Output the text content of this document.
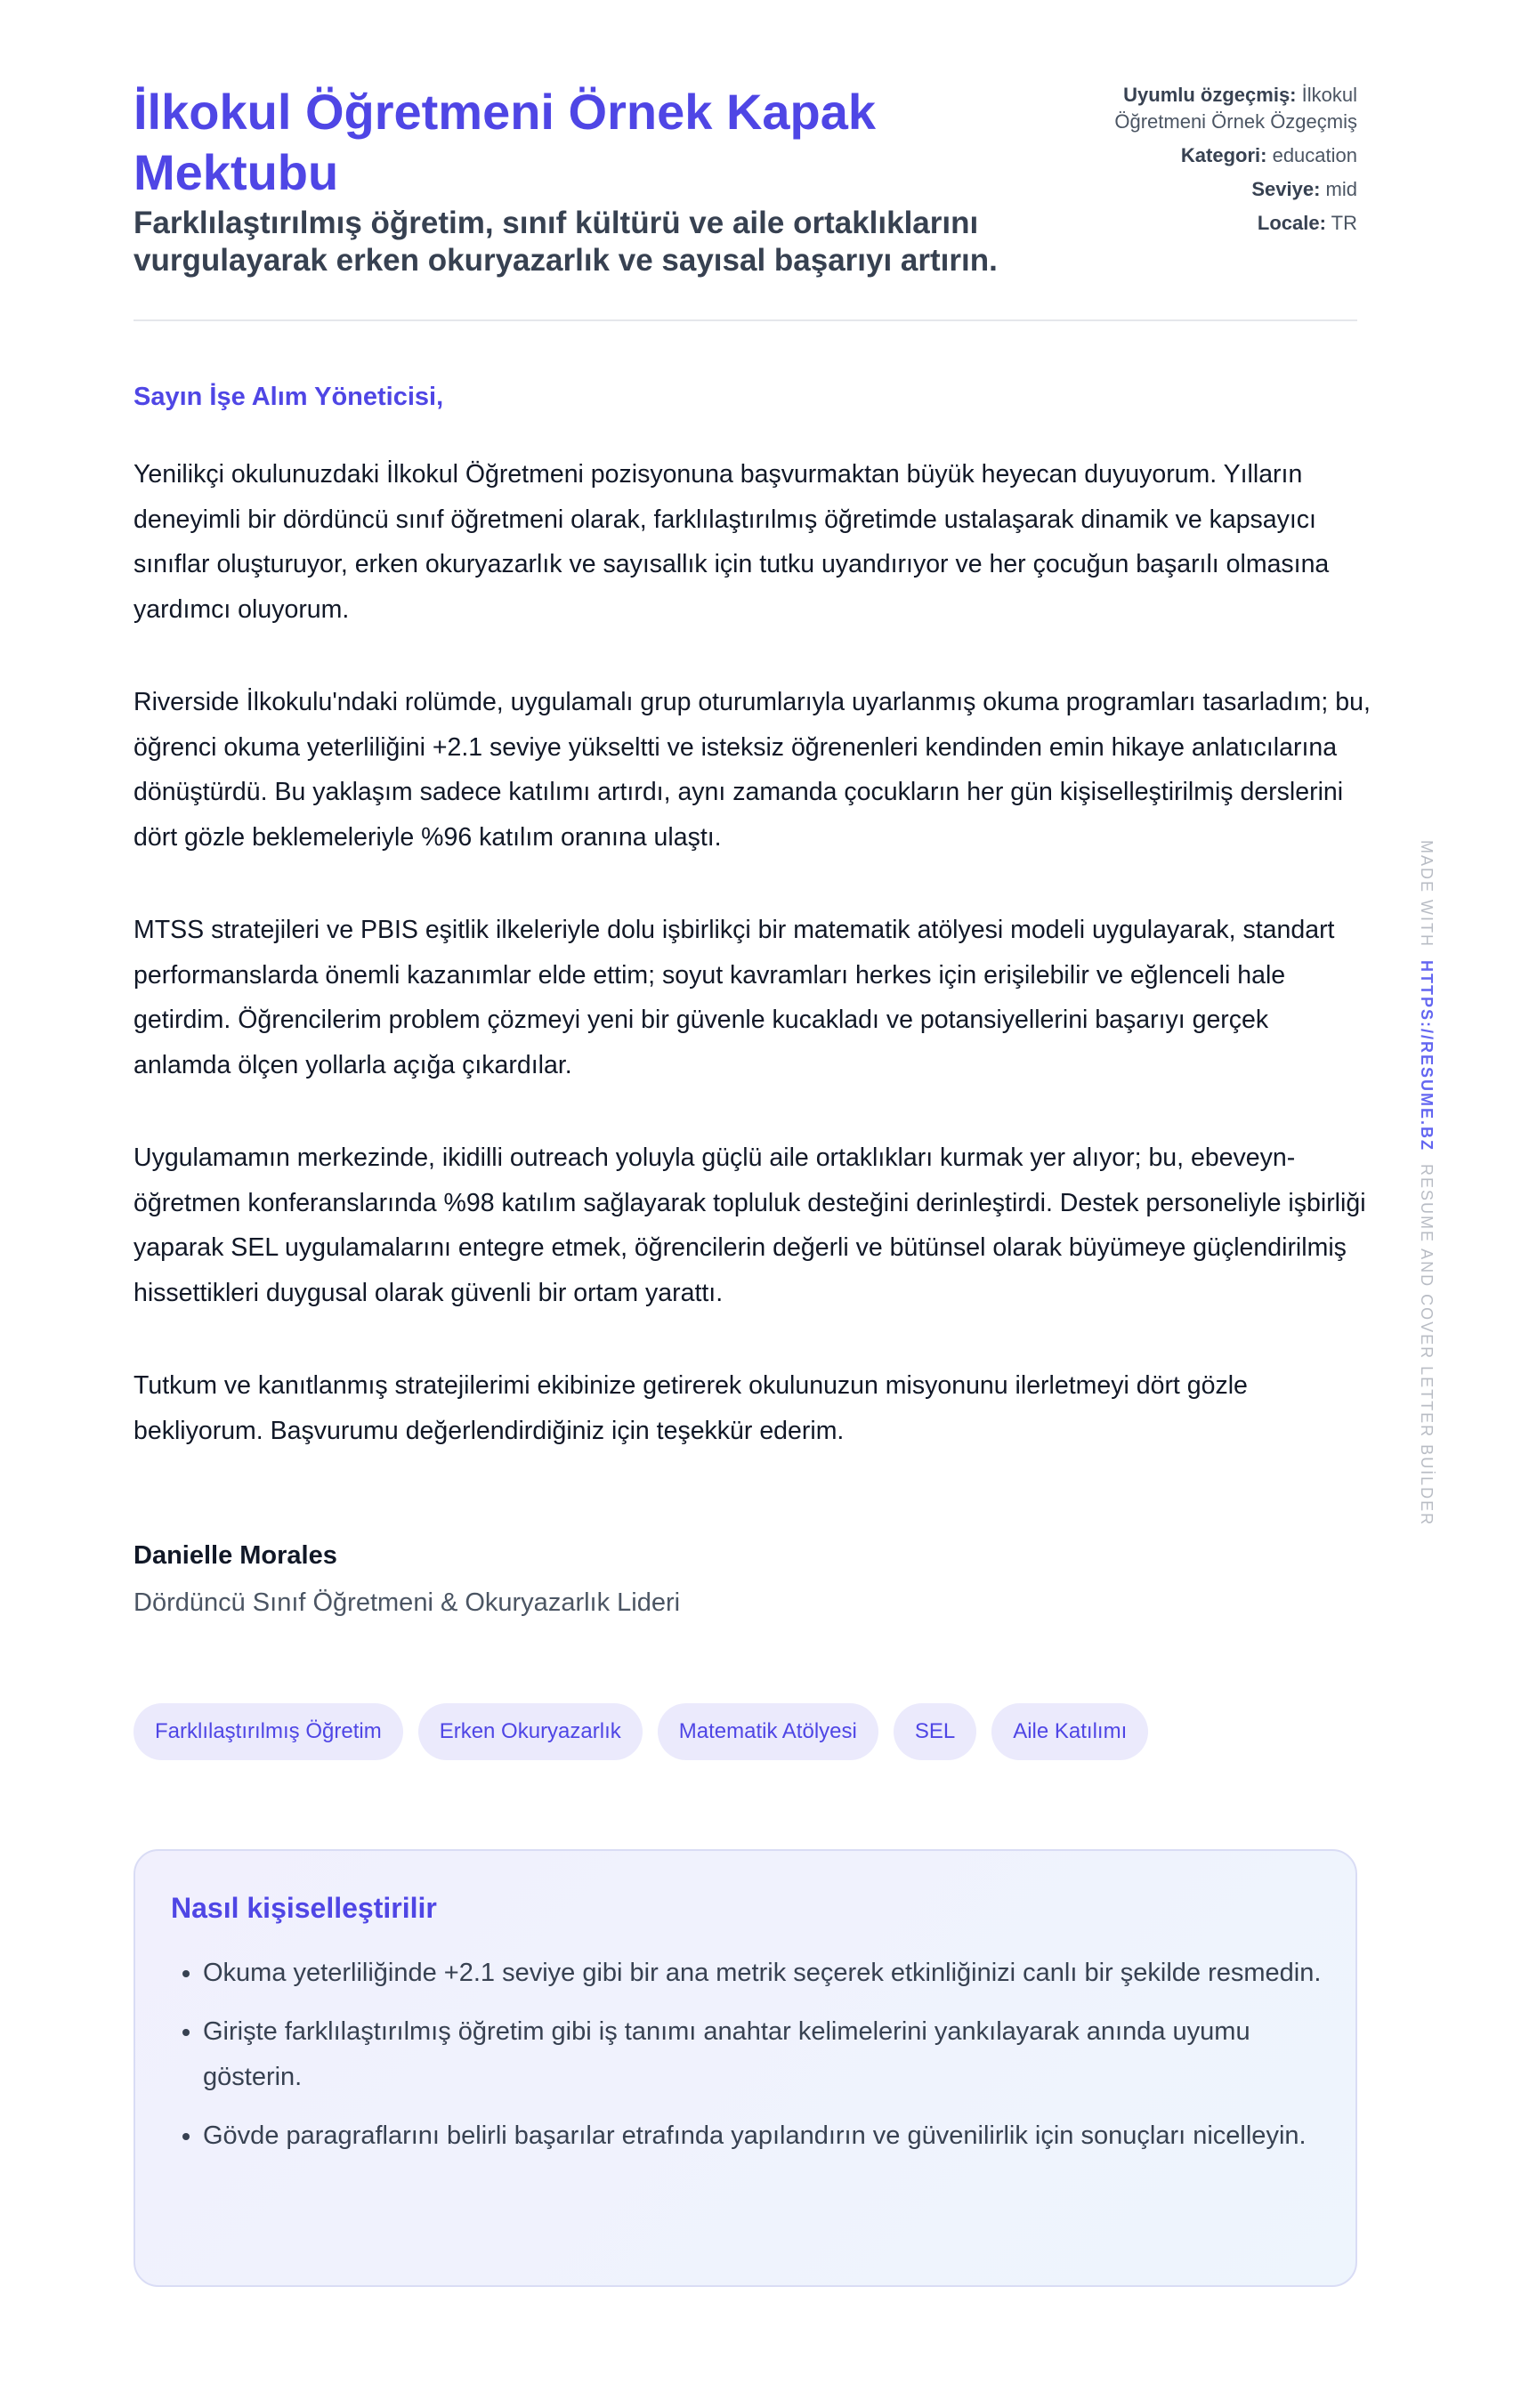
İlkokul Öğretmeni Örnek Kapak Mektubu
Farklılaştırılmış öğretim, sınıf kültürü ve aile ortaklıklarını vurgulayarak erken okuryazarlık ve sayısal başarıyı artırın.
Uyumlu özgeçmiş: İlkokul Öğretmeni Örnek Özgeçmiş
Kategori: education
Seviye: mid
Locale: TR
Sayın İşe Alım Yöneticisi,

Yenilikçi okulunuzdaki İlkokul Öğretmeni pozisyonuna başvurmaktan büyük heyecan duyuyorum. Yılların deneyimli bir dördüncü sınıf öğretmeni olarak, farklılaştırılmış öğretimde ustalaşarak dinamik ve kapsayıcı sınıflar oluşturuyor, erken okuryazarlık ve sayısallık için tutku uyandırıyor ve her çocuğun başarılı olmasına yardımcı oluyorum.

Riverside İlkokulu'ndaki rolümde, uygulamalı grup oturumlarıyla uyarlanmış okuma programları tasarladım; bu, öğrenci okuma yeterliliğini +2.1 seviye yükseltti ve isteksiz öğrenenleri kendinden emin hikaye anlatıcılarına dönüştürdü. Bu yaklaşım sadece katılımı artırdı, aynı zamanda çocukların her gün kişiselleştirilmiş derslerini dört gözle beklemeleriyle %96 katılım oranına ulaştı.

MTSS stratejileri ve PBIS eşitlik ilkeleriyle dolu işbirlikçi bir matematik atölyesi modeli uygulayarak, standart performanslarda önemli kazanımlar elde ettim; soyut kavramları herkes için erişilebilir ve eğlenceli hale getirdim. Öğrencilerim problem çözmeyi yeni bir güvenle kucakladı ve potansiyellerini başarıyı gerçek anlamda ölçen yollarla açığa çıkardılar.

Uygulamamın merkezinde, ikidilli outreach yoluyla güçlü aile ortaklıkları kurmak yer alıyor; bu, ebeveyn-öğretmen konferanslarında %98 katılım sağlayarak topluluk desteğini derinleştirdi. Destek personeliyle işbirliği yaparak SEL uygulamalarını entegre etmek, öğrencilerin değerli ve bütünsel olarak büyümeye güçlendirilmiş hissettikleri duygusal olarak güvenli bir ortam yarattı.

Tutkum ve kanıtlanmış stratejilerimi ekibinize getirerek okulunuzun misyonunu ilerletmeyi dört gözle bekliyorum. Başvurumu değerlendirdiğiniz için teşekkür ederim.

Danielle Morales
Dördüncü Sınıf Öğretmeni & Okuryazarlık Lideri
Farklılaştırılmış Öğretim	Erken Okuryazarlık	Matematik Atölyesi	SEL	Aile Katılımı
Nasıl kişiselleştirilir
• Okuma yeterliliğinde +2.1 seviye gibi bir ana metrik seçerek etkinliğinizi canlı bir şekilde resmedin.
• Girişte farklılaştırılmış öğretim gibi iş tanımı anahtar kelimelerini yankılayarak anında uyumu gösterin.
• Gövde paragraflarını belirli başarılar etrafında yapılandırın ve güvenilirlik için sonuçları nicelleyin.
MADE WITH  HTTPS://RESUME.BZ  RESUME AND COVER LETTER BUİLDER
